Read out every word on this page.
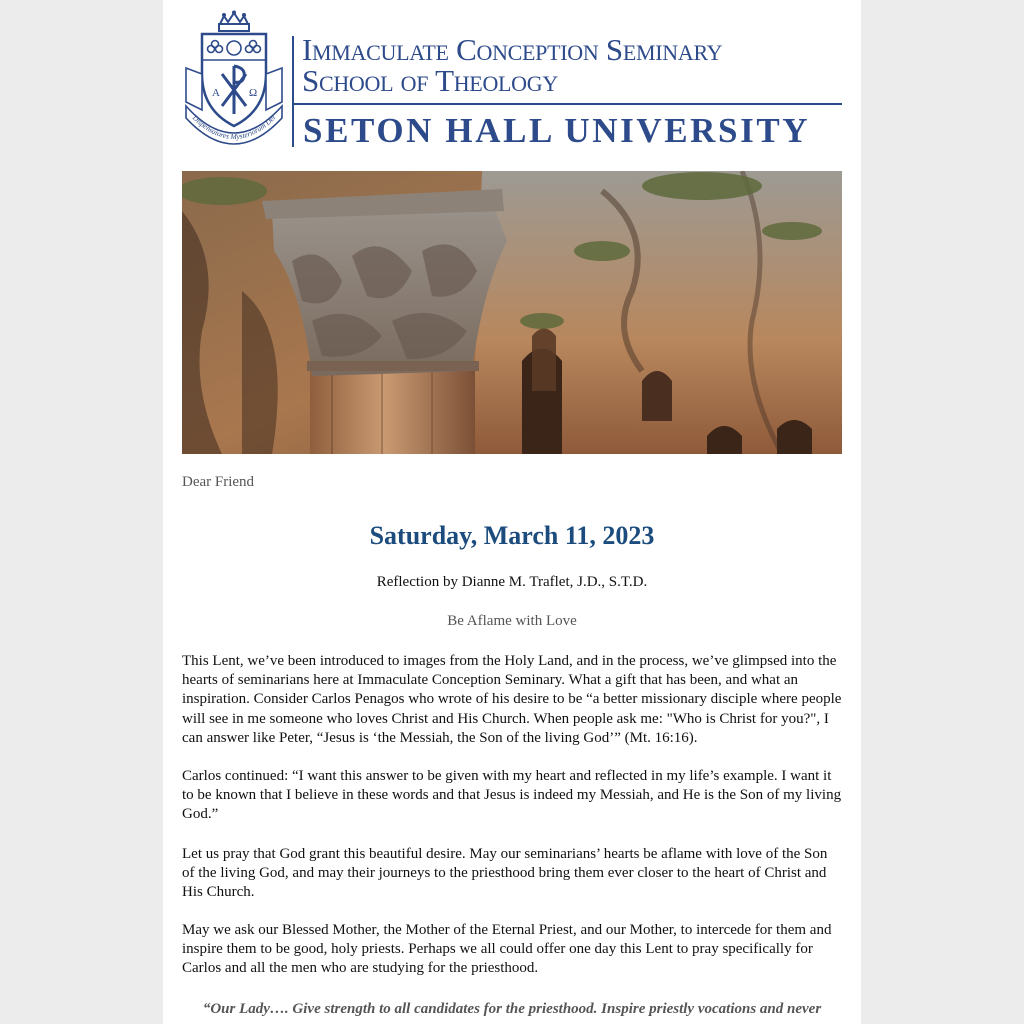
A	Ω
Dispensatores Mysteriorum Dei
Immaculate Conception Seminary
School of Theology
SETON HALL UNIVERSITY
Dear Friend
Saturday, March 11, 2023
Reflection by Dianne M. Traflet, J.D., S.T.D.
Be Aflame with Love

This Lent, we’ve been introduced to images from the Holy Land, and in the process, we’ve glimpsed into the hearts of seminarians here at Immaculate Conception Seminary. What a gift that has been, and what an inspiration. Consider Carlos Penagos who wrote of his desire to be “a better missionary disciple where people will see in me someone who loves Christ and His Church. When people ask me: "Who is Christ for you?", I can answer like Peter, “Jesus is ‘the Messiah, the Son of the living God’” (Mt. 16:16).

Carlos continued: “I want this answer to be given with my heart and reflected in my life’s example. I want it to be known that I believe in these words and that Jesus is indeed my Messiah, and He is the Son of my living God.”

Let us pray that God grant this beautiful desire. May our seminarians’ hearts be aflame with love of the Son of the living God, and may their journeys to the priesthood bring them ever closer to the heart of Christ and His Church.

May we ask our Blessed Mother, the Mother of the Eternal Priest, and our Mother, to intercede for them and inspire them to be good, holy priests. Perhaps we all could offer one day this Lent to pray specifically for Carlos and all the men who are studying for the priesthood.

“Our Lady…. Give strength to all candidates for the priesthood. Inspire priestly vocations and never
